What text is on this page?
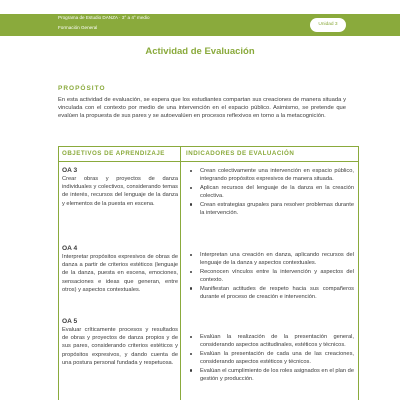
Programa de Estudio DANZA · 3° a 4° medio
Formación General
Unidad 3
Actividad de Evaluación
PROPÓSITO
En esta actividad de evaluación, se espera que los estudiantes compartan sus creaciones de manera situada y vinculada con el contexto por medio de una intervención en el espacio público. Asimismo, se pretende que evalúen la propuesta de sus pares y se autoevalúen en procesos reflexivos en torno a la metacognición.
OBJETIVOS DE APRENDIZAJE	INDICADORES DE EVALUACIÓN
OA 3
Crear obras y proyectos de danza individuales y colectivos, considerando temas de interés, recursos del lenguaje de la danza y elementos de la puesta en escena.
OA 4
Interpretar propósitos expresivos de obras de danza a partir de criterios estéticos (lenguaje de la danza, puesta en escena, emociones, sensaciones e ideas que generan, entre otros) y aspectos contextuales.
OA 5
Evaluar críticamente procesos y resultados de obras y proyectos de danza propios y de sus pares, considerando criterios estéticos y propósitos expresivos, y dando cuenta de una postura personal fundada y respetuosa.
Crean colectivamente una intervención en espacio público, integrando propósitos expresivos de manera situada.
Aplican recursos del lenguaje de la danza en la creación colectiva.
Crean estrategias grupales para resolver problemas durante la intervención.
Interpretan una creación en danza, aplicando recursos del lenguaje de la danza y aspectos contextuales.
Reconocen vínculos entre la intervención y aspectos del contexto.
Manifiestan actitudes de respeto hacia sus compañeros durante el proceso de creación e intervención.
Evalúan la realización de la presentación general, considerando aspectos actitudinales, estéticos y técnicos.
Evalúan la presentación de cada una de las creaciones, considerando aspectos estéticos y técnicos.
Evalúan el cumplimiento de los roles asignados en el plan de gestión y producción.
